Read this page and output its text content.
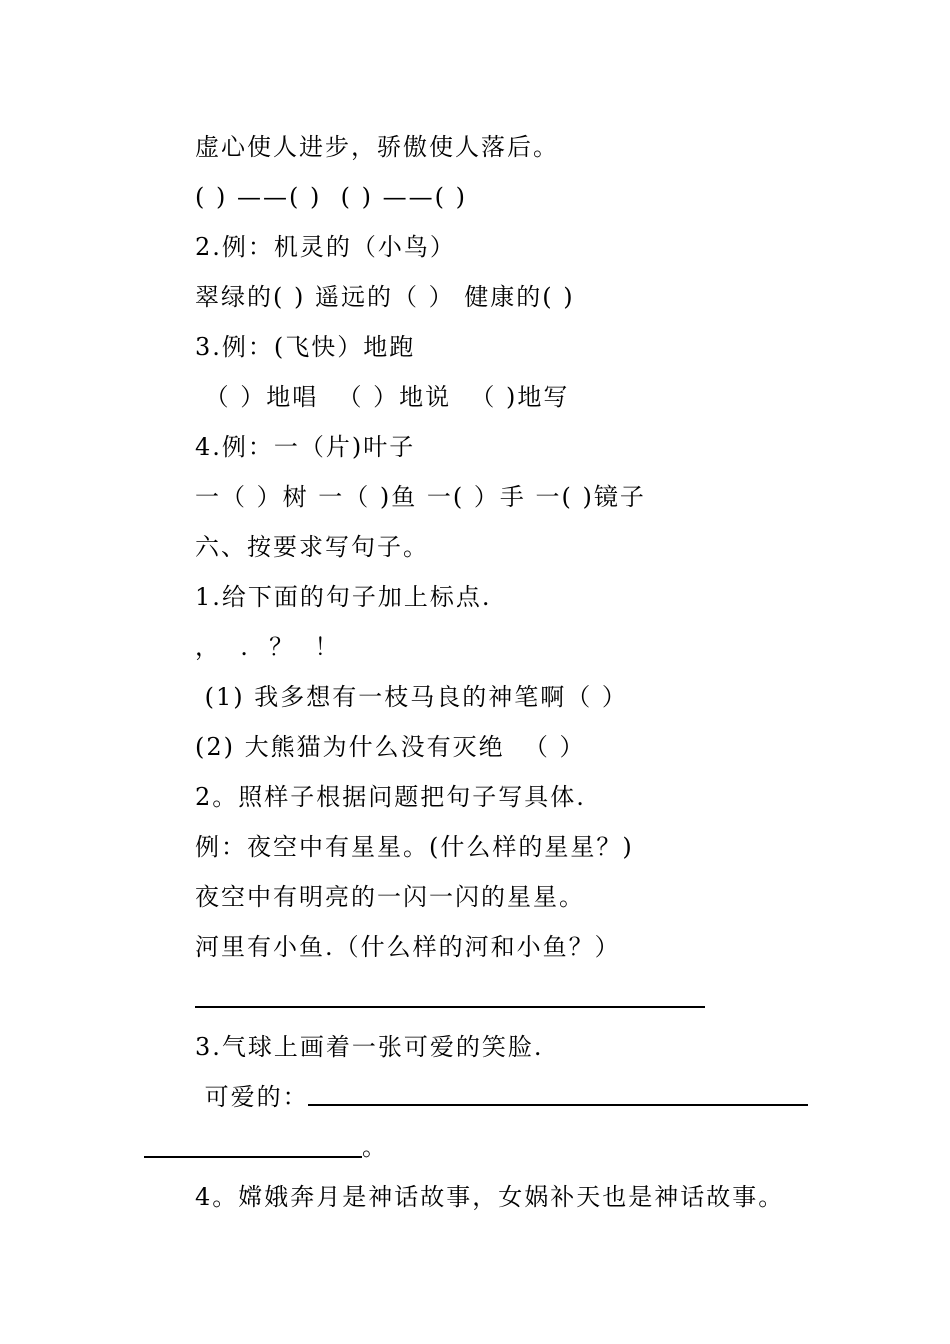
虚心使人进步，骄傲使人落后。
( ) ——( )  ( ) ——( )
2.例：机灵的（小鸟）
翠绿的( ) 遥远的（ ） 健康的( )
3.例：(飞快）地跑
（ ）地唱  （ ）地说  （ )地写
4.例：一（片)叶子
一（ ）树 一（ )鱼 一( ）手 一( )镜子
六、按要求写句子。
1.给下面的句子加上标点.
，  .  ？  ！
(1) 我多想有一枝马良的神笔啊（ ）
(2) 大熊猫为什么没有灭绝  （ ）
2。照样子根据问题把句子写具体.
例：夜空中有星星。(什么样的星星？)
夜空中有明亮的一闪一闪的星星。
河里有小鱼.（什么样的河和小鱼？）
3.气球上画着一张可爱的笑脸.
可爱的：
。
4。嫦娥奔月是神话故事，女娲补天也是神话故事。
